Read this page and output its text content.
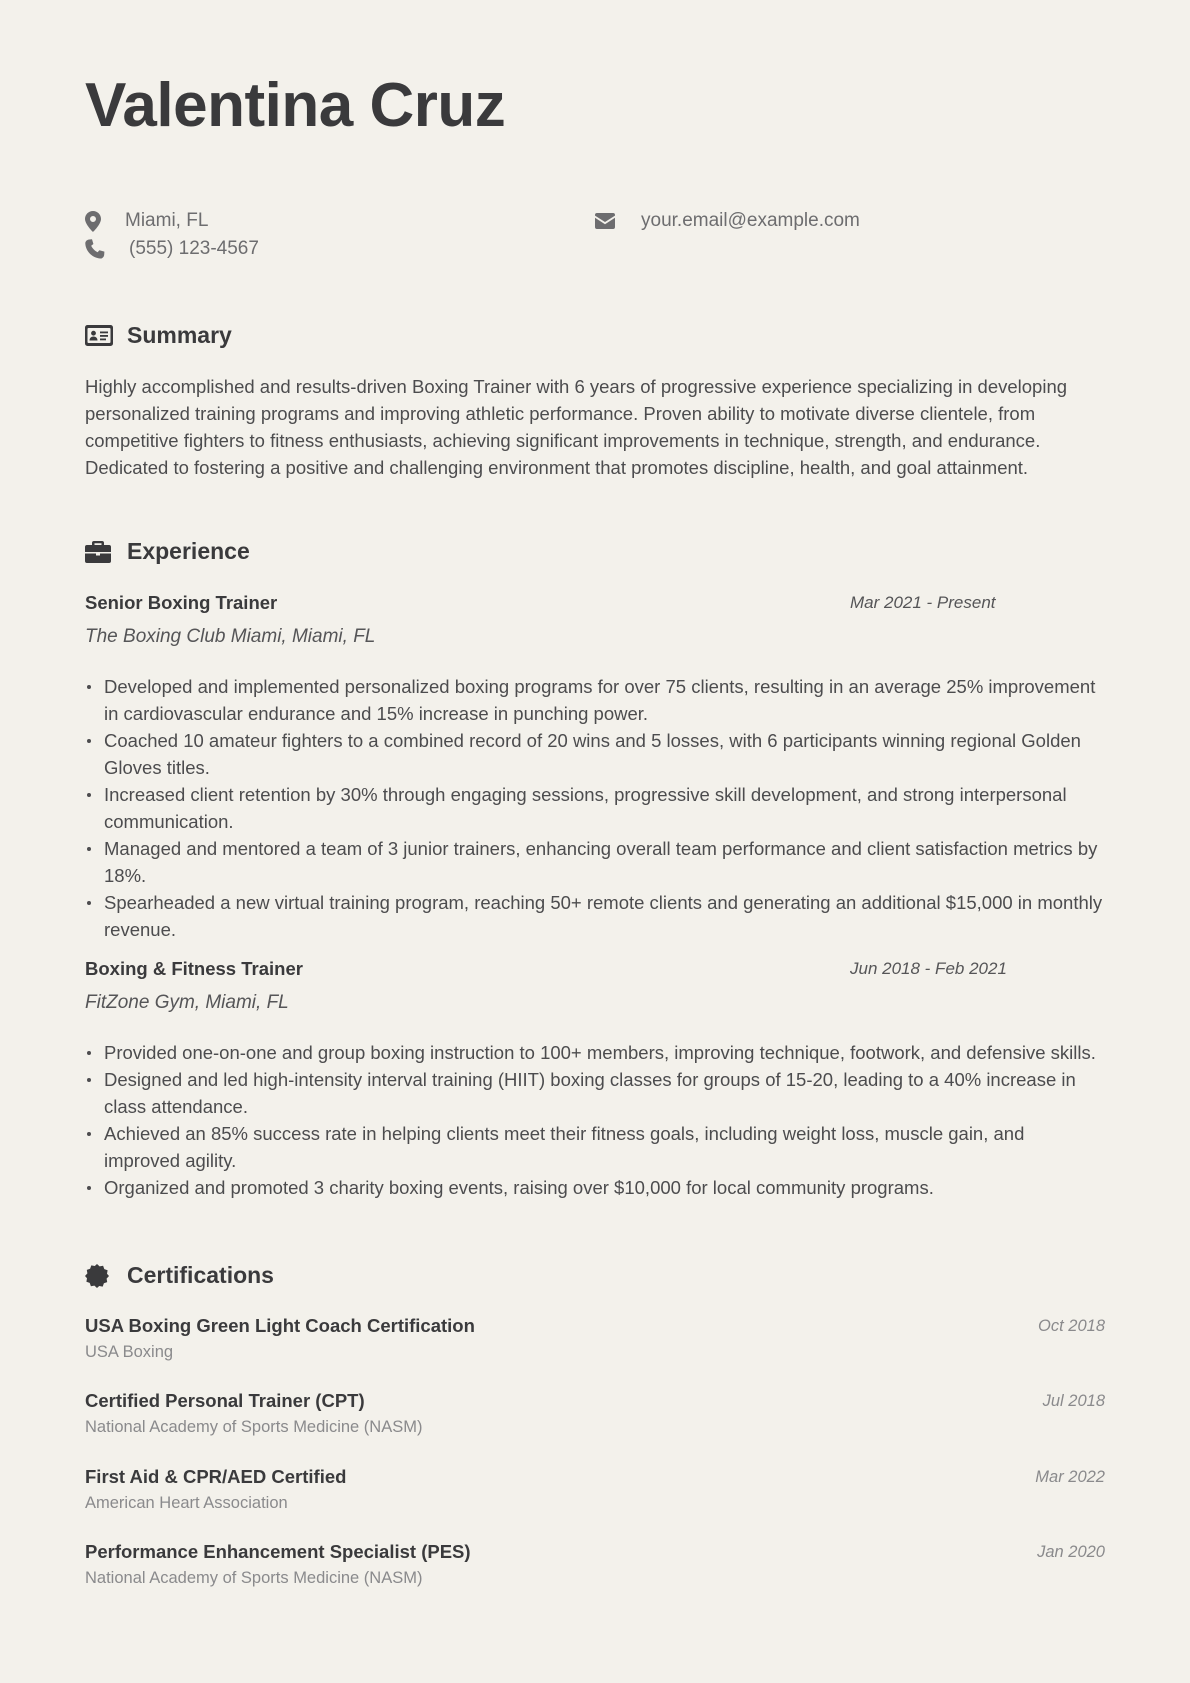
Valentina Cruz
Miami, FL
(555) 123-4567
your.email@example.com
Summary

Highly accomplished and results-driven Boxing Trainer with 6 years of progressive experience specializing in developing personalized training programs and improving athletic performance. Proven ability to motivate diverse clientele, from competitive fighters to fitness enthusiasts, achieving significant improvements in technique, strength, and endurance. Dedicated to fostering a positive and challenging environment that promotes discipline, health, and goal attainment.

Experience
Senior Boxing Trainer	Mar 2021 - Present
The Boxing Club Miami, Miami, FL
Developed and implemented personalized boxing programs for over 75 clients, resulting in an average 25% improvement in cardiovascular endurance and 15% increase in punching power.
Coached 10 amateur fighters to a combined record of 20 wins and 5 losses, with 6 participants winning regional Golden Gloves titles.
Increased client retention by 30% through engaging sessions, progressive skill development, and strong interpersonal communication.
Managed and mentored a team of 3 junior trainers, enhancing overall team performance and client satisfaction metrics by 18%.
Spearheaded a new virtual training program, reaching 50+ remote clients and generating an additional $15,000 in monthly revenue.
Boxing & Fitness Trainer	Jun 2018 - Feb 2021
FitZone Gym, Miami, FL
Provided one-on-one and group boxing instruction to 100+ members, improving technique, footwork, and defensive skills.
Designed and led high-intensity interval training (HIIT) boxing classes for groups of 15-20, leading to a 40% increase in class attendance.
Achieved an 85% success rate in helping clients meet their fitness goals, including weight loss, muscle gain, and improved agility.
Organized and promoted 3 charity boxing events, raising over $10,000 for local community programs.
Certifications
USA Boxing Green Light Coach Certification
USA Boxing
Oct 2018
Certified Personal Trainer (CPT)
National Academy of Sports Medicine (NASM)
Jul 2018
First Aid & CPR/AED Certified
American Heart Association
Mar 2022
Performance Enhancement Specialist (PES)
National Academy of Sports Medicine (NASM)
Jan 2020
